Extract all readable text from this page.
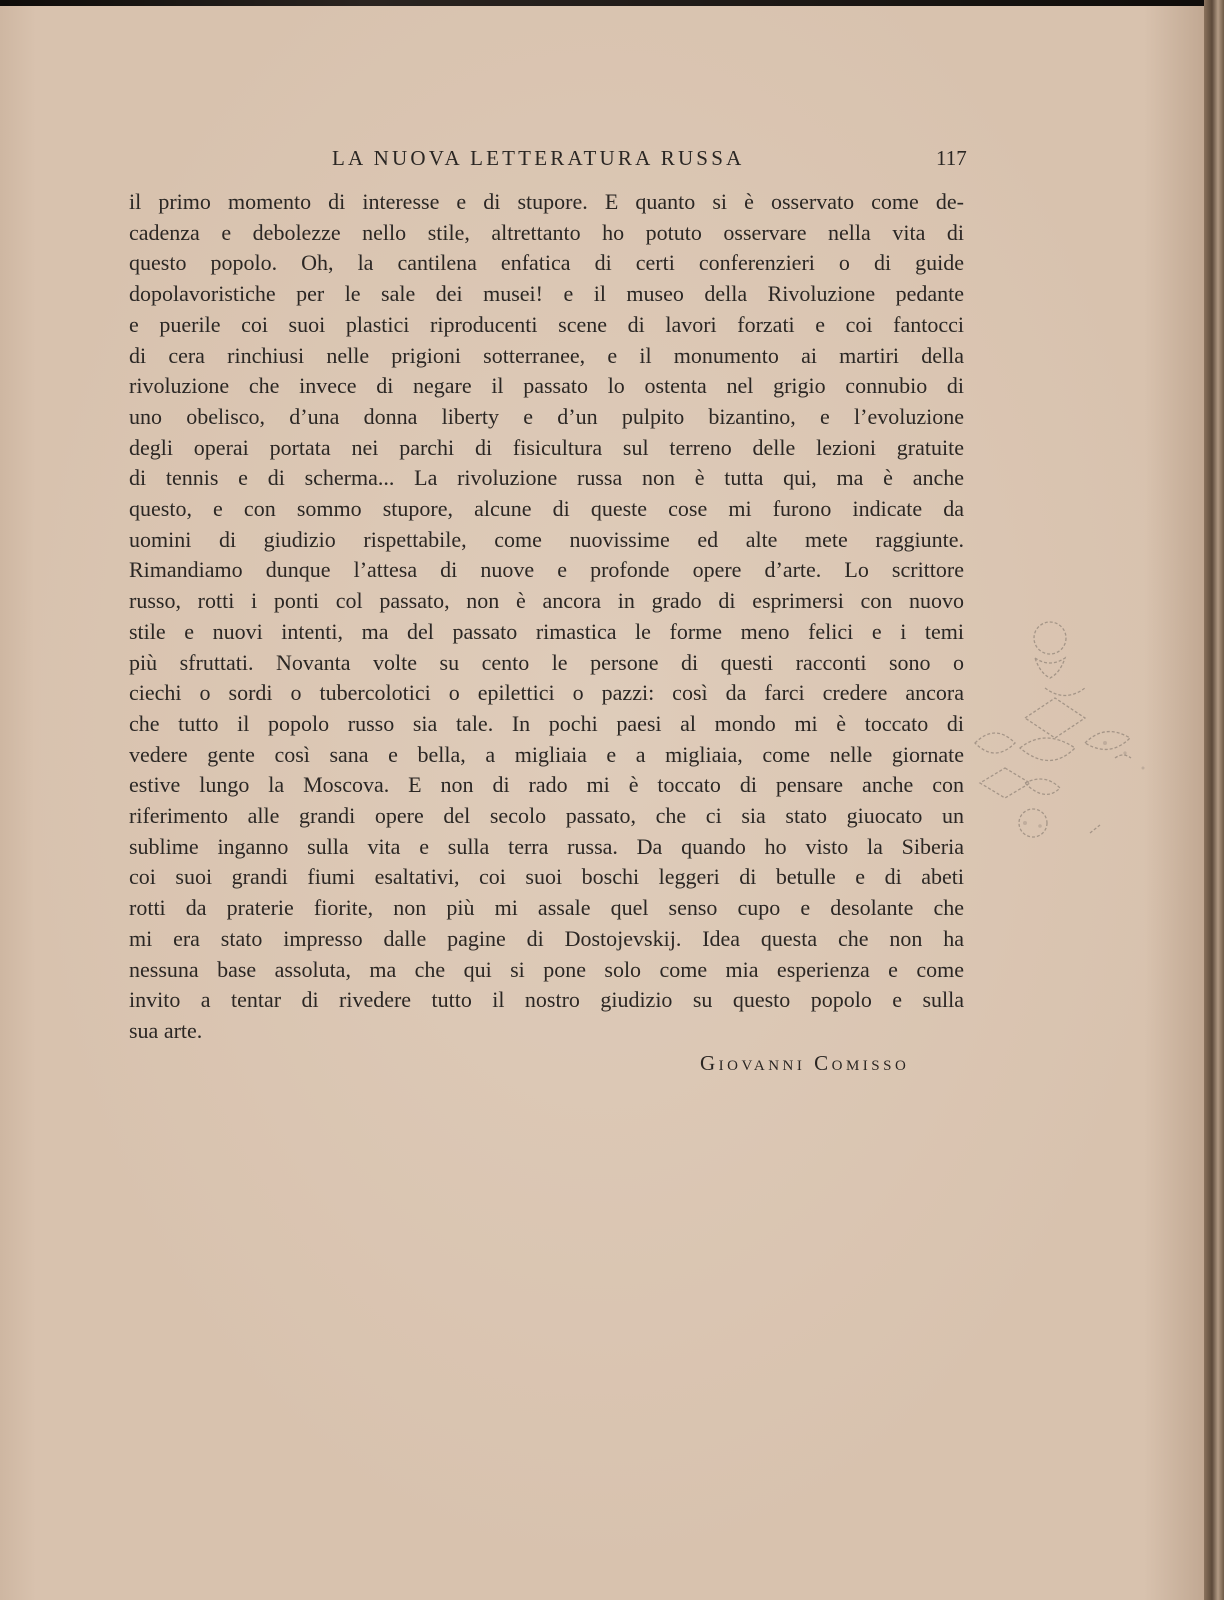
LA NUOVA LETTERATURA RUSSA	117
il primo momento di interesse e di stupore. E quanto si è osservato come de-
cadenza e debolezze nello stile, altrettanto ho potuto osservare nella vita di
questo popolo. Oh, la cantilena enfatica di certi conferenzieri o di guide
dopolavoristiche per le sale dei musei! e il museo della Rivoluzione pedante
e puerile coi suoi plastici riproducenti scene di lavori forzati e coi fantocci
di cera rinchiusi nelle prigioni sotterranee, e il monumento ai martiri della
rivoluzione che invece di negare il passato lo ostenta nel grigio connubio di
uno obelisco, d’una donna liberty e d’un pulpito bizantino, e l’evoluzione
degli operai portata nei parchi di fisicultura sul terreno delle lezioni gratuite
di tennis e di scherma... La rivoluzione russa non è tutta qui, ma è anche
questo, e con sommo stupore, alcune di queste cose mi furono indicate da
uomini di giudizio rispettabile, come nuovissime ed alte mete raggiunte.
Rimandiamo dunque l’attesa di nuove e profonde opere d’arte. Lo scrittore
russo, rotti i ponti col passato, non è ancora in grado di esprimersi con nuovo
stile e nuovi intenti, ma del passato rimastica le forme meno felici e i temi
più sfruttati. Novanta volte su cento le persone di questi racconti sono o
ciechi o sordi o tubercolotici o epilettici o pazzi: così da farci credere ancora
che tutto il popolo russo sia tale. In pochi paesi al mondo mi è toccato di
vedere gente così sana e bella, a migliaia e a migliaia, come nelle giornate
estive lungo la Moscova. E non di rado mi è toccato di pensare anche con
riferimento alle grandi opere del secolo passato, che ci sia stato giuocato un
sublime inganno sulla vita e sulla terra russa. Da quando ho visto la Siberia
coi suoi grandi fiumi esaltativi, coi suoi boschi leggeri di betulle e di abeti
rotti da praterie fiorite, non più mi assale quel senso cupo e desolante che
mi era stato impresso dalle pagine di Dostojevskij. Idea questa che non ha
nessuna base assoluta, ma che qui si pone solo come mia esperienza e come
invito a tentar di rivedere tutto il nostro giudizio su questo popolo e sulla
sua arte.
Giovanni Comisso
